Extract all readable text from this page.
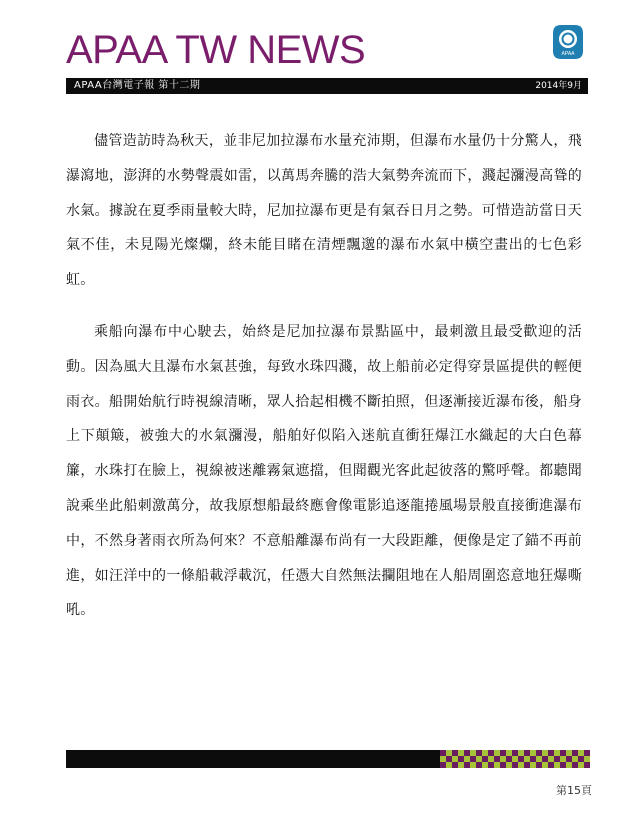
APAA TW NEWS	APAA
APAA台灣電子報 第十二期	2014年9月

儘管造訪時為秋天，並非尼加拉瀑布水量充沛期，但瀑布水量仍十分驚人，飛瀑瀉地，澎湃的水勢聲震如雷，以萬馬奔騰的浩大氣勢奔流而下，濺起瀰漫高聳的水氣。據說在夏季雨量較大時，尼加拉瀑布更是有氣吞日月之勢。可惜造訪當日天氣不佳，未見陽光燦爛，終未能目睹在清煙飄邈的瀑布水氣中橫空畫出的七色彩虹。

乘船向瀑布中心駛去，始終是尼加拉瀑布景點區中，最刺激且最受歡迎的活動。因為風大且瀑布水氣甚強，每致水珠四濺，故上船前必定得穿景區提供的輕便雨衣。船開始航行時視線清晰，眾人拾起相機不斷拍照，但逐漸接近瀑布後，船身上下顛簸，被強大的水氣瀰漫，船舶好似陷入迷航直衝狂爆江水織起的大白色幕簾，水珠打在臉上，視線被迷離霧氣遮擋，但聞觀光客此起彼落的驚呼聲。都聽聞說乘坐此船刺激萬分，故我原想船最終應會像電影追逐龍捲風場景般直接衝進瀑布中，不然身著雨衣所為何來？不意船離瀑布尚有一大段距離，便像是定了錨不再前進，如汪洋中的一條船載浮載沉，任憑大自然無法攔阻地在人船周圍恣意地狂爆嘶吼。

第15頁
